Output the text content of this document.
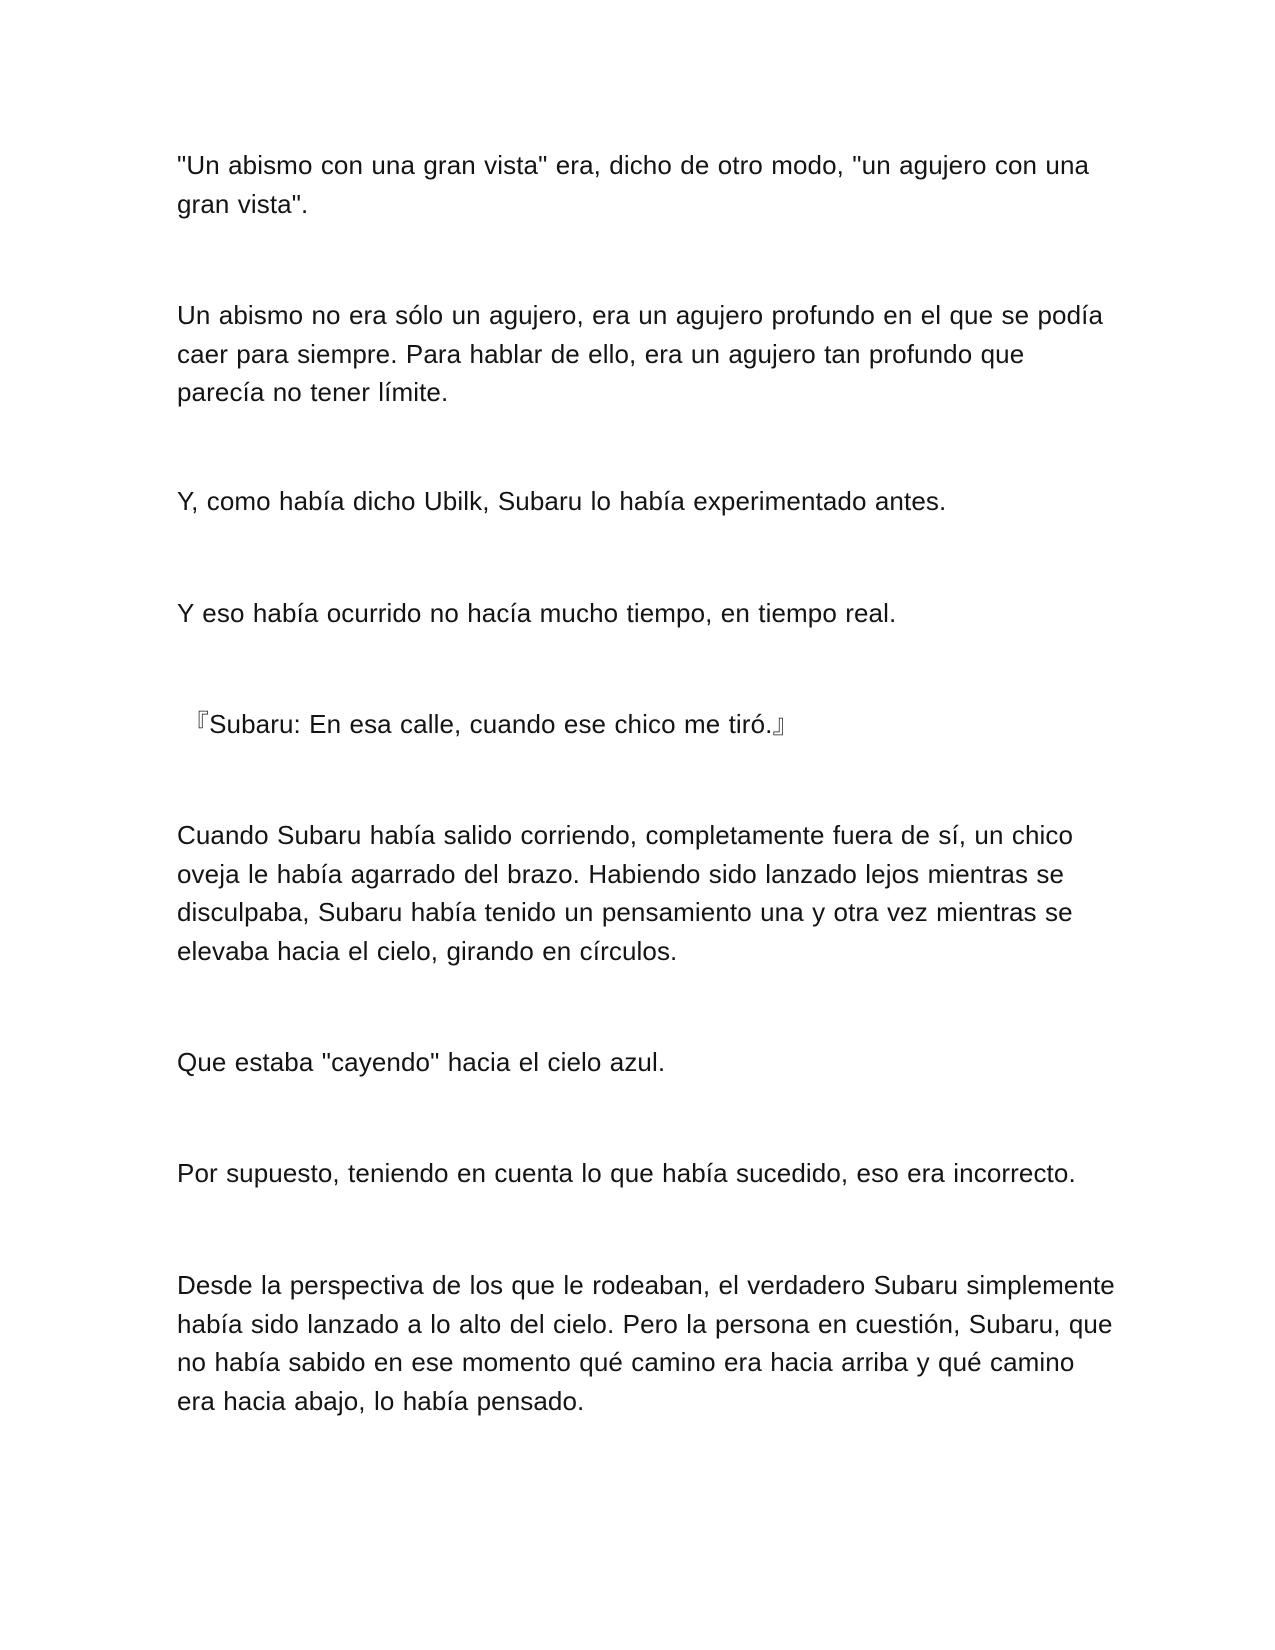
"Un abismo con una gran vista" era, dicho de otro modo, "un agujero con una gran vista".

Un abismo no era sólo un agujero, era un agujero profundo en el que se podía caer para siempre. Para hablar de ello, era un agujero tan profundo que parecía no tener límite.

Y, como había dicho Ubilk, Subaru lo había experimentado antes.

Y eso había ocurrido no hacía mucho tiempo, en tiempo real.

『Subaru: En esa calle, cuando ese chico me tiró.』

Cuando Subaru había salido corriendo, completamente fuera de sí, un chico oveja le había agarrado del brazo. Habiendo sido lanzado lejos mientras se disculpaba, Subaru había tenido un pensamiento una y otra vez mientras se elevaba hacia el cielo, girando en círculos.

Que estaba "cayendo" hacia el cielo azul.

Por supuesto, teniendo en cuenta lo que había sucedido, eso era incorrecto.

Desde la perspectiva de los que le rodeaban, el verdadero Subaru simplemente había sido lanzado a lo alto del cielo. Pero la persona en cuestión, Subaru, que no había sabido en ese momento qué camino era hacia arriba y qué camino era hacia abajo, lo había pensado.
